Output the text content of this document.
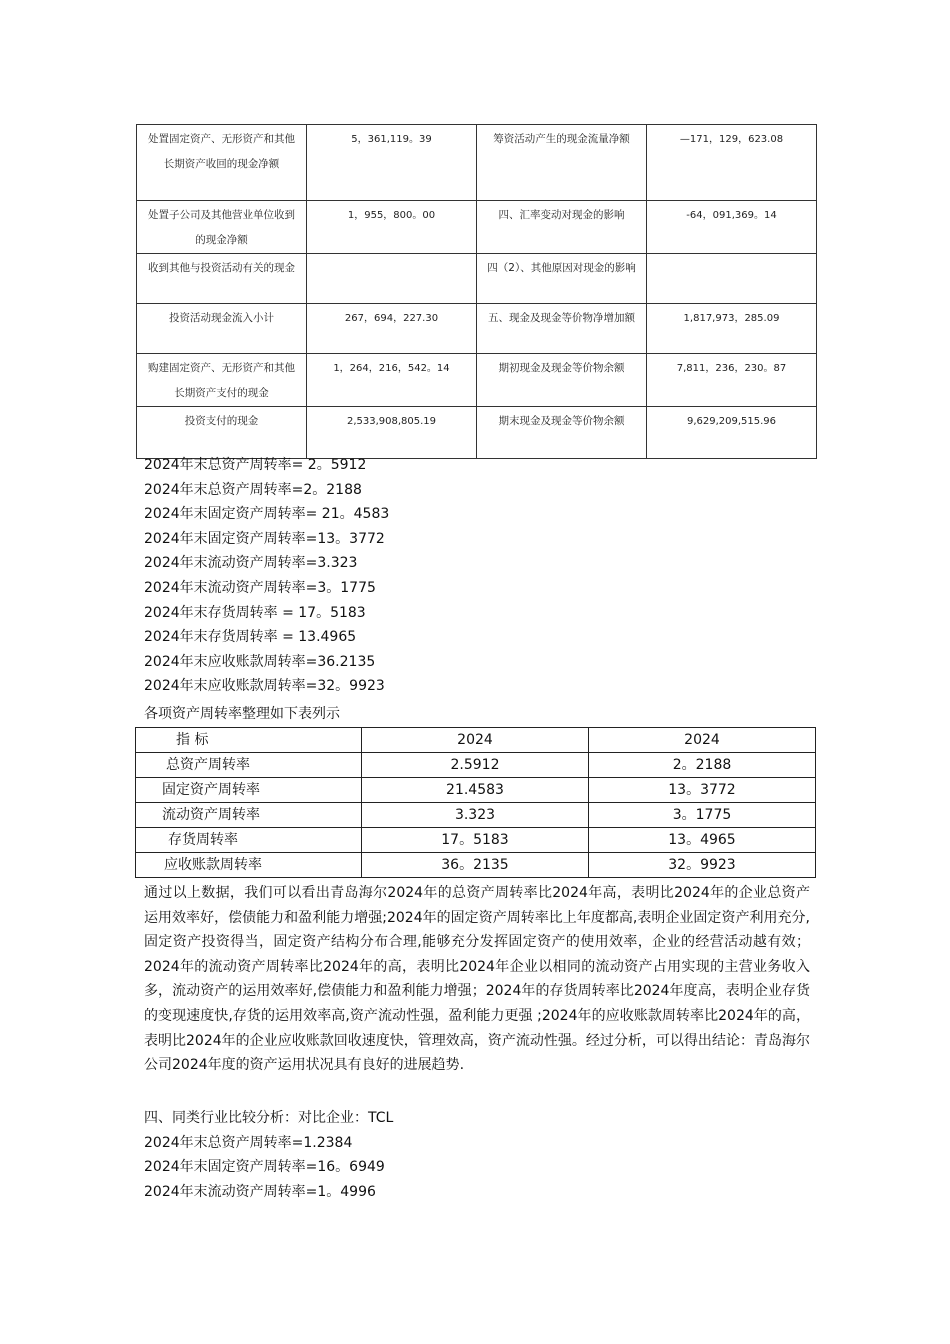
处置固定资产、无形资产和其他长期资产收回的现金净额	5，361,119。39	筹资活动产生的现金流量净额	—171，129，623.08
处置子公司及其他营业单位收到的现金净额	1，955，800。00	四、汇率变动对现金的影响	-64，091,369。14
收到其他与投资活动有关的现金		四（2）、其他原因对现金的影响	
投资活动现金流入小计	267，694，227.30	五、现金及现金等价物净增加额	1,817,973，285.09
购建固定资产、无形资产和其他长期资产支付的现金	1，264，216，542。14	期初现金及现金等价物余额	7,811，236，230。87
投资支付的现金	2,533,908,805.19	期末现金及现金等价物余额	9,629,209,515.96
2024年末总资产周转率= 2。5912
2024年末总资产周转率=2。2188
2024年末固定资产周转率= 21。4583
2024年末固定资产周转率=13。3772
2024年末流动资产周转率=3.323
2024年末流动资产周转率=3。1775
2024年末存货周转率 = 17。5183
2024年末存货周转率 = 13.4965
2024年末应收账款周转率=36.2135
2024年末应收账款周转率=32。9923
各项资产周转率整理如下表列示
指 标	2024	2024
总资产周转率	2.5912	2。2188
固定资产周转率	21.4583	13。3772
流动资产周转率	3.323	3。1775
存货周转率	17。5183	13。4965
应收账款周转率	36。2135	32。9923
通过以上数据，我们可以看出青岛海尔2024年的总资产周转率比2024年高，表明比2024年的企业总资产运用效率好，偿债能力和盈利能力增强;2024年的固定资产周转率比上年度都高,表明企业固定资产利用充分,固定资产投资得当，固定资产结构分布合理,能够充分发挥固定资产的使用效率，企业的经营活动越有效；2024年的流动资产周转率比2024年的高，表明比2024年企业以相同的流动资产占用实现的主营业务收入多，流动资产的运用效率好,偿债能力和盈利能力增强；2024年的存货周转率比2024年度高，表明企业存货的变现速度快,存货的运用效率高,资产流动性强，盈利能力更强 ;2024年的应收账款周转率比2024年的高，表明比2024年的企业应收账款回收速度快，管理效高，资产流动性强。经过分析，可以得出结论：青岛海尔公司2024年度的资产运用状况具有良好的进展趋势.
四、同类行业比较分析：对比企业：TCL
2024年末总资产周转率=1.2384
2024年末固定资产周转率=16。6949
2024年末流动资产周转率=1。4996
